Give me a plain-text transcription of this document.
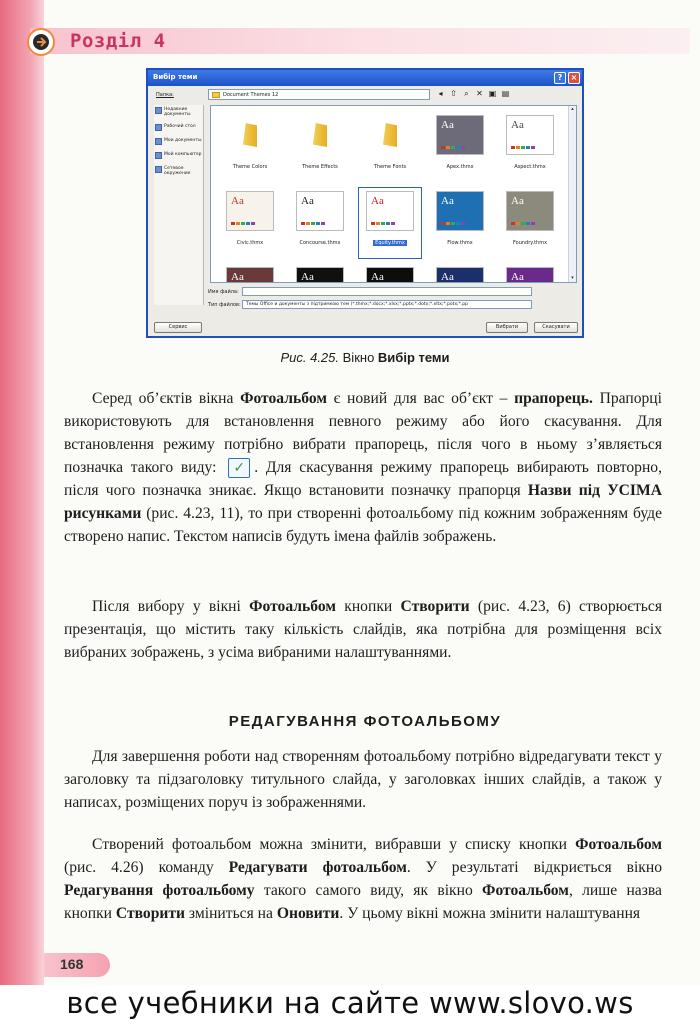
Розділ 4
Вибір теми	?	×
Папка:	Document Themes 12	◂ ⇧ ⌕ ✕ ▣ ▤
Недавние документы
Рабочий стол
Мои документы
Мой компьютер
Сетевое окружение
Theme Colors	Theme Effects	Theme Fonts
Aa
Apex.thmx
Aa
Aspect.thmx
Aa
Civic.thmx
Aa
Concourse.thmx
Aa
Equity.thmx
Aa
Flow.thmx
Aa
Foundry.thmx
Aa	Aa	Aa	Aa	Aa
▴
▾
Имя файла:
Тип файлов:	Темы Office и документы з підтримкою тем (*.thmx;*.docx;*.xlsx;*.pptx;*.dotx;*.xltx;*.potx;*.pp
Сервис	Вибрати	Скасувати
Рис. 4.25. Вікно Вибір теми
Серед об’єктів вікна Фотоальбом є новий для вас об’єкт – прапорець. Прапорці використовують для встановлення певного режиму або його скасування. Для встановлення режиму потрібно вибрати прапорець, після чого в ньому з’являється позначка такого виду: ✓ . Для скасування режиму прапорець вибирають повторно, після чого позначка зникає. Якщо встановити позначку прапорця Назви під УСІМА рисунками (рис. 4.23, 11), то при створенні фотоальбому під кожним зображенням буде створено напис. Текстом написів будуть імена файлів зображень.
Після вибору у вікні Фотоальбом кнопки Створити (рис. 4.23, 6) створюється презентація, що містить таку кількість слайдів, яка потрібна для розміщення всіх вибраних зображень, з усіма вибраними налаштуваннями.
РЕДАГУВАННЯ ФОТОАЛЬБОМУ
Для завершення роботи над створенням фотоальбому потрібно відредагувати текст у заголовку та підзаголовку титульного слайда, у заголовках інших слайдів, а також у написах, розміщених поруч із зображеннями.
Створений фотоальбом можна змінити, вибравши у списку кнопки Фотоальбом (рис. 4.26) команду Редагувати фотоальбом. У результаті відкриється вікно Редагування фотоальбому такого самого виду, як вікно Фотоальбом, лише назва кнопки Створити зміниться на Оновити. У цьому вікні можна змінити налаштування
168
все учебники на сайте www.slovo.ws
